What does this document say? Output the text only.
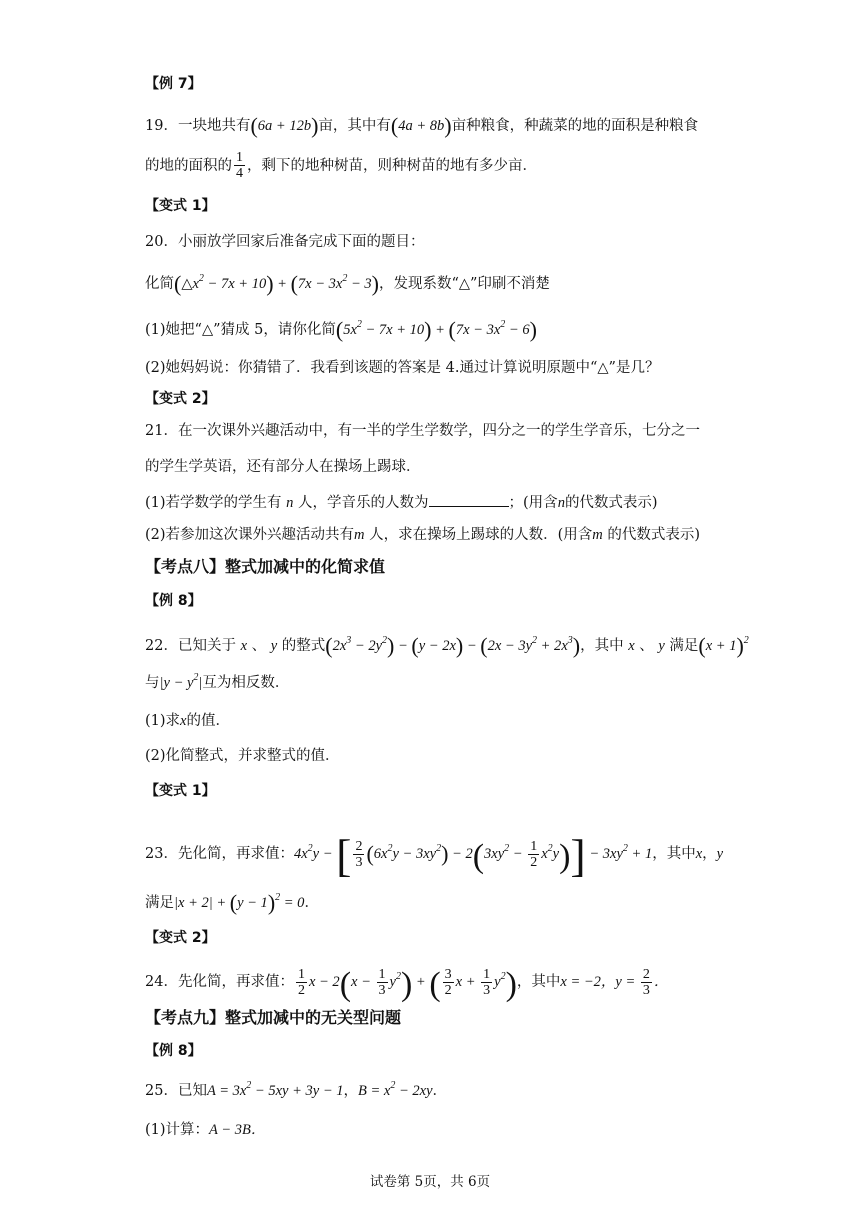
【例 7】
19．一块地共有(6a + 12b)亩，其中有(4a + 8b)亩种粮食，种蔬菜的地的面积是种粮食
的地的面积的 $\frac{1}{4}$ ，剩下的地种树苗，则种树苗的地有多少亩．
【变式 1】
20．小丽放学回家后准备完成下面的题目：
化简$(\triangle x^2 - 7x + 10) + (7x - 3x^2 - 3)$，发现系数“△”印刷不消楚
(1)她把“△”猜成 5，请你化简$(5x^2 - 7x + 10) + (7x - 3x^2 - 6)$
(2)她妈妈说：你猜错了．我看到该题的答案是 4.通过计算说明原题中“△”是几？
【变式 2】
21．在一次课外兴趣活动中，有一半的学生学数学，四分之一的学生学音乐，七分之一
的学生学英语，还有部分人在操场上踢球．
(1)若学数学的学生有 n 人，学音乐的人数为	；(用含n的代数式表示)
(2)若参加这次课外兴趣活动共有m 人，求在操场上踢球的人数．(用含m 的代数式表示)
【考点八】整式加减中的化简求值
【例 8】
22．已知关于 x 、 y 的整式$(2x^3 - 2y^2) - (y - 2x) - (2x - 3y^2 + 2x^3)$，其中 x 、 y 满足$(x + 1)^2$
与$|y - y^2|$互为相反数．
(1)求x的值．
(2)化简整式，并求整式的值．
【变式 1】
23．先化简，再求值：$4x^2y$ − [ $\frac{2}{3} (6x^2y - 3xy^2) - 2(3xy^2 - \frac{1}{2} x^2y)] - 3xy^2 + 1$，其中x，y
满足$|x + 2| + (y - 1)^2 = 0$．
【变式 2】
24．先化简，再求值： $\frac{1}{2}$ $x - 2(x - \frac{1}{3} y^2)$ + ( $\frac{3}{2}$ $x + \frac{1}{3} y^2$)，其中x = −2，$y = \frac{2}{3}$ ．
【考点九】整式加减中的无关型问题
【例 8】
25．已知$A = 3x^2 - 5xy + 3y - 1$，$B = x^2 - 2xy$．
(1)计算：A − 3B．
试卷第 5页，共 6页
